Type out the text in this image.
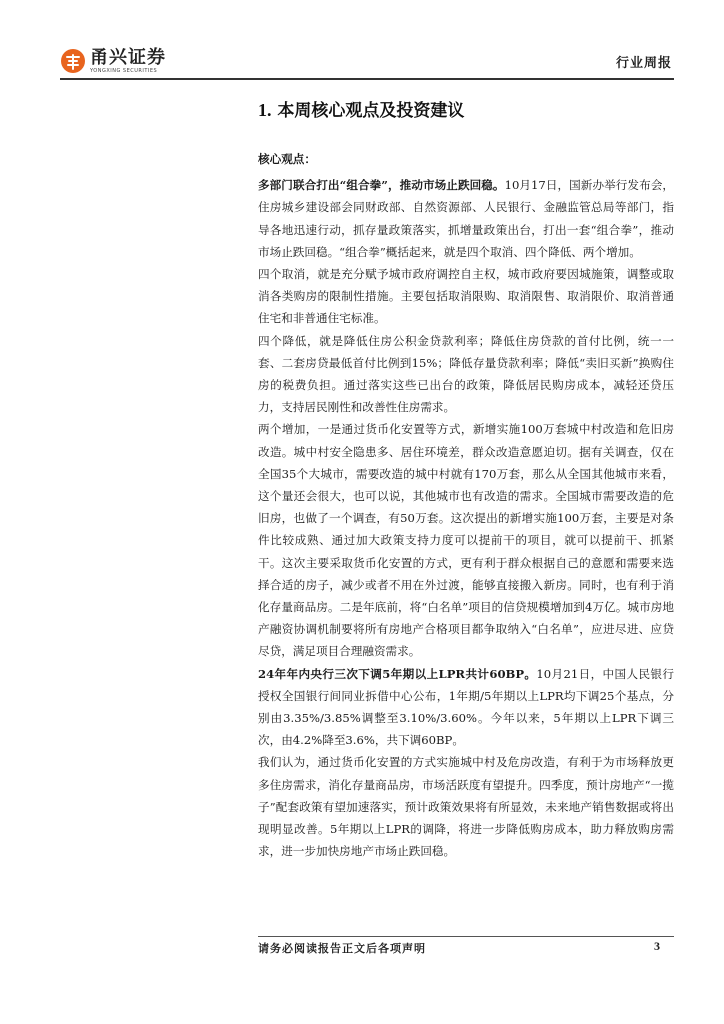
甬兴证券
YONGXING SECURITIES	行业周报
1. 本周核心观点及投资建议

核心观点：

多部门联合打出“组合拳”，推动市场止跌回稳。10月17日，国新办举行发布会，住房城乡建设部会同财政部、自然资源部、人民银行、金融监管总局等部门，指导各地迅速行动，抓存量政策落实，抓增量政策出台，打出一套“组合拳”，推动市场止跌回稳。“组合拳”概括起来，就是四个取消、四个降低、两个增加。

四个取消，就是充分赋予城市政府调控自主权，城市政府要因城施策，调整或取消各类购房的限制性措施。主要包括取消限购、取消限售、取消限价、取消普通住宅和非普通住宅标准。

四个降低，就是降低住房公积金贷款利率；降低住房贷款的首付比例，统一一套、二套房贷最低首付比例到15%；降低存量贷款利率；降低“卖旧买新”换购住房的税费负担。通过落实这些已出台的政策，降低居民购房成本，减轻还贷压力，支持居民刚性和改善性住房需求。

两个增加，一是通过货币化安置等方式，新增实施100万套城中村改造和危旧房改造。城中村安全隐患多、居住环境差，群众改造意愿迫切。据有关调查，仅在全国35个大城市，需要改造的城中村就有170万套，那么从全国其他城市来看，这个量还会很大，也可以说，其他城市也有改造的需求。全国城市需要改造的危旧房，也做了一个调查，有50万套。这次提出的新增实施100万套，主要是对条件比较成熟、通过加大政策支持力度可以提前干的项目，就可以提前干、抓紧干。这次主要采取货币化安置的方式，更有利于群众根据自己的意愿和需要来选择合适的房子，减少或者不用在外过渡，能够直接搬入新房。同时，也有利于消化存量商品房。二是年底前，将“白名单”项目的信贷规模增加到4万亿。城市房地产融资协调机制要将所有房地产合格项目都争取纳入“白名单”，应进尽进、应贷尽贷，满足项目合理融资需求。

24年年内央行三次下调5年期以上LPR共计60BP。10月21日，中国人民银行授权全国银行间同业拆借中心公布，1年期/5年期以上LPR均下调25个基点，分别由3.35%/3.85%调整至3.10%/3.60%。今年以来，5年期以上LPR下调三次，由4.2%降至3.6%，共下调60BP。

我们认为，通过货币化安置的方式实施城中村及危房改造，有利于为市场释放更多住房需求，消化存量商品房，市场活跃度有望提升。四季度，预计房地产“一揽子”配套政策有望加速落实，预计政策效果将有所显效，未来地产销售数据或将出现明显改善。5年期以上LPR的调降，将进一步降低购房成本，助力释放购房需求，进一步加快房地产市场止跌回稳。

请务必阅读报告正文后各项声明	3
